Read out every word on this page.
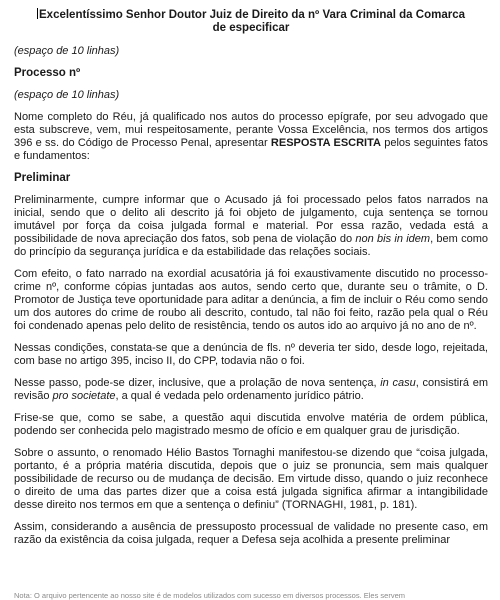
Excelentíssimo Senhor Doutor Juiz de Direito da nº Vara Criminal da Comarca
de especificar
(espaço de 10 linhas)
Processo nº
(espaço de 10 linhas)
Nome completo do Réu, já qualificado nos autos do processo epígrafe, por seu advogado que esta subscreve, vem, mui respeitosamente, perante Vossa Excelência, nos termos dos artigos 396 e ss. do Código de Processo Penal, apresentar RESPOSTA ESCRITA pelos seguintes fatos e fundamentos:
Preliminar
Preliminarmente, cumpre informar que o Acusado já foi processado pelos fatos narrados na inicial, sendo que o delito ali descrito já foi objeto de julgamento, cuja sentença se tornou imutável por força da coisa julgada formal e material. Por essa razão, vedada está a possibilidade de nova apreciação dos fatos, sob pena de violação do non bis in idem, bem como do princípio da segurança jurídica e da estabilidade das relações sociais.
Com efeito, o fato narrado na exordial acusatória já foi exaustivamente discutido no processo-crime nº, conforme cópias juntadas aos autos, sendo certo que, durante seu o trâmite, o D. Promotor de Justiça teve oportunidade para aditar a denúncia, a fim de incluir o Réu como sendo um dos autores do crime de roubo ali descrito, contudo, tal não foi feito, razão pela qual o Réu foi condenado apenas pelo delito de resistência, tendo os autos ido ao arquivo já no ano de nº.
Nessas condições, constata-se que a denúncia de fls. nº deveria ter sido, desde logo, rejeitada, com base no artigo 395, inciso II, do CPP, todavia não o foi.
Nesse passo, pode-se dizer, inclusive, que a prolação de nova sentença, in casu, consistirá em revisão pro societate, a qual é vedada pelo ordenamento jurídico pátrio.
Frise-se que, como se sabe, a questão aqui discutida envolve matéria de ordem pública, podendo ser conhecida pelo magistrado mesmo de ofício e em qualquer grau de jurisdição.
Sobre o assunto, o renomado Hélio Bastos Tornaghi manifestou-se dizendo que “coisa julgada, portanto, é a própria matéria discutida, depois que o juiz se pronuncia, sem mais qualquer possibilidade de recurso ou de mudança de decisão. Em virtude disso, quando o juiz reconhece o direito de uma das partes dizer que a coisa está julgada significa afirmar a intangibilidade desse direito nos termos em que a sentença o definiu” (TORNAGHI, 1981, p. 181).
Assim, considerando a ausência de pressuposto processual de validade no presente caso, em razão da existência da coisa julgada, requer a Defesa seja acolhida a presente preliminar
Nota: O arquivo pertencente ao nosso site é de modelos utilizados com sucesso em diversos processos. Eles servem
